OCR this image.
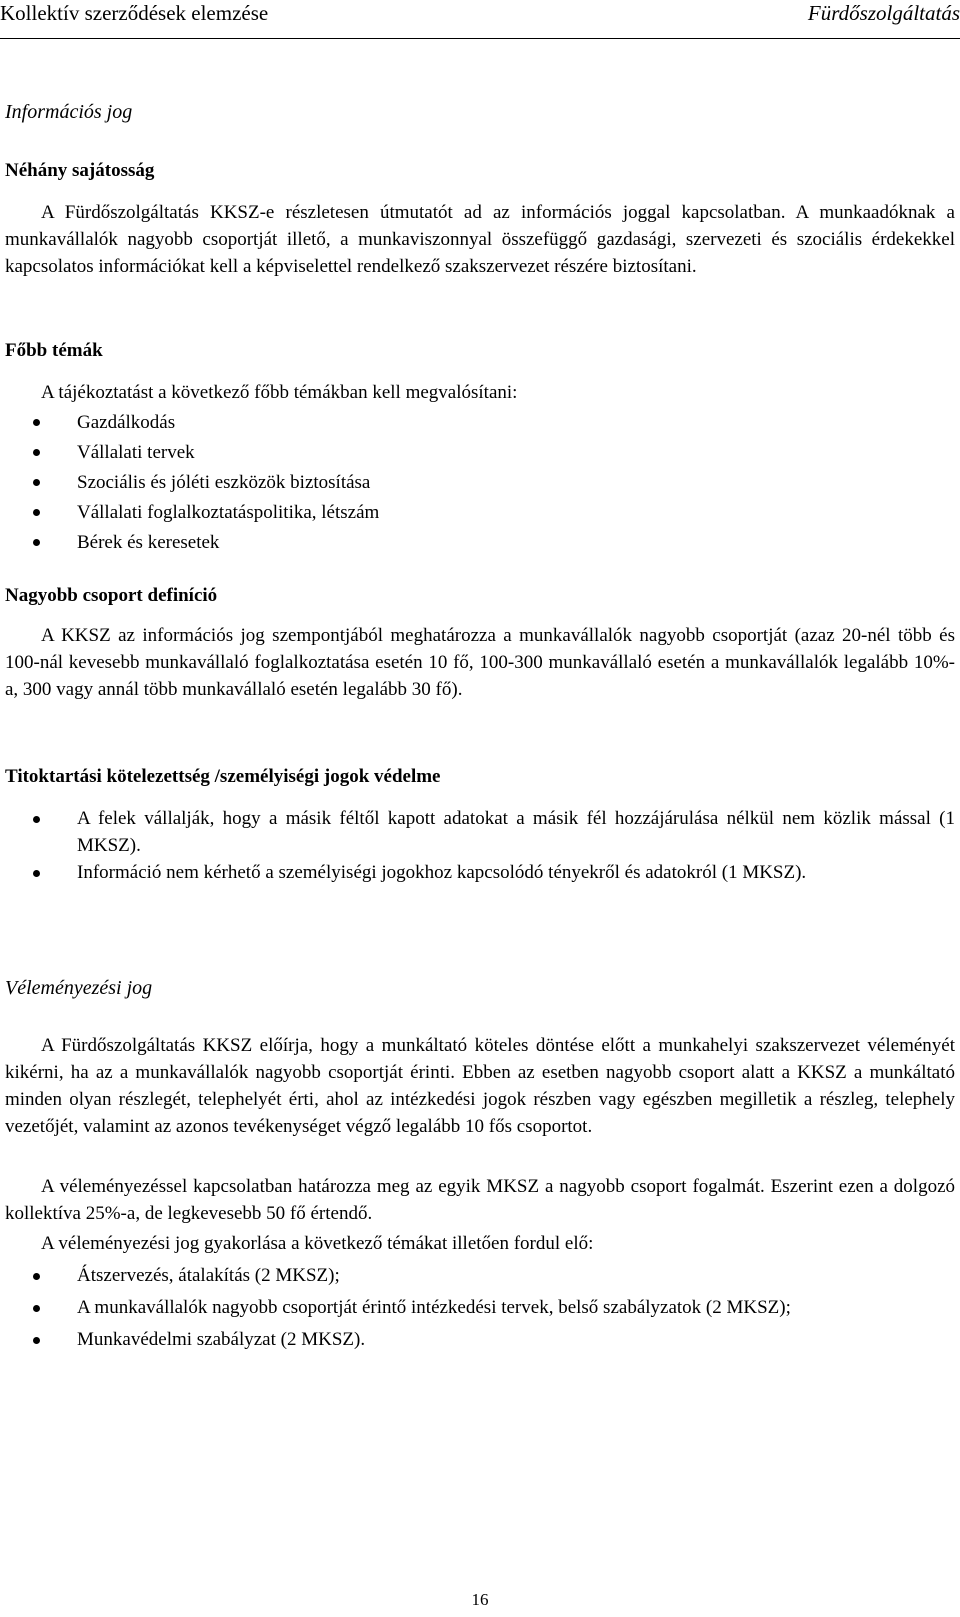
Kollektív szerződések elemzése	Fürdőszolgáltatás
Információs jog
Néhány sajátosság

A Fürdőszolgáltatás KKSZ-e részletesen útmutatót ad az információs joggal kapcsolatban. A munkaadóknak a munkavállalók nagyobb csoportját illető, a munkaviszonnyal összefüggő gazdasági, szervezeti és szociális érdekekkel kapcsolatos információkat kell a képviselettel rendelkező szakszervezet részére biztosítani.

Főbb témák
A tájékoztatást a következő főbb témákban kell megvalósítani:
Gazdálkodás
Vállalati tervek
Szociális és jóléti eszközök biztosítása
Vállalati foglalkoztatáspolitika, létszám
Bérek és keresetek
Nagyobb csoport definíció

A KKSZ az információs jog szempontjából meghatározza a munkavállalók nagyobb csoportját (azaz 20-nél több és 100-nál kevesebb munkavállaló foglalkoztatása esetén 10 fő, 100-300 munkavállaló esetén a munkavállalók legalább 10%-a, 300 vagy annál több munkavállaló esetén legalább 30 fő).

Titoktartási kötelezettség /személyiségi jogok védelme
A felek vállalják, hogy a másik féltől kapott adatokat a másik fél hozzájárulása nélkül nem közlik mással (1 MKSZ).
Információ nem kérhető a személyiségi jogokhoz kapcsolódó tényekről és adatokról (1 MKSZ).
Véleményezési jog

A Fürdőszolgáltatás KKSZ előírja, hogy a munkáltató köteles döntése előtt a munkahelyi szakszervezet véleményét kikérni, ha az a munkavállalók nagyobb csoportját érinti. Ebben az esetben nagyobb csoport alatt a KKSZ a munkáltató minden olyan részlegét, telephelyét érti, ahol az intézkedési jogok részben vagy egészben megilletik a részleg, telephely vezetőjét, valamint az azonos tevékenységet végző legalább 10 fős csoportot.

A véleményezéssel kapcsolatban határozza meg az egyik MKSZ a nagyobb csoport fogalmát. Eszerint ezen a dolgozó kollektíva 25%-a, de legkevesebb 50 fő értendő.

A véleményezési jog gyakorlása a következő témákat illetően fordul elő:

Átszervezés, átalakítás (2 MKSZ);
A munkavállalók nagyobb csoportját érintő intézkedési tervek, belső szabályzatok (2 MKSZ);
Munkavédelmi szabályzat (2 MKSZ).
16
